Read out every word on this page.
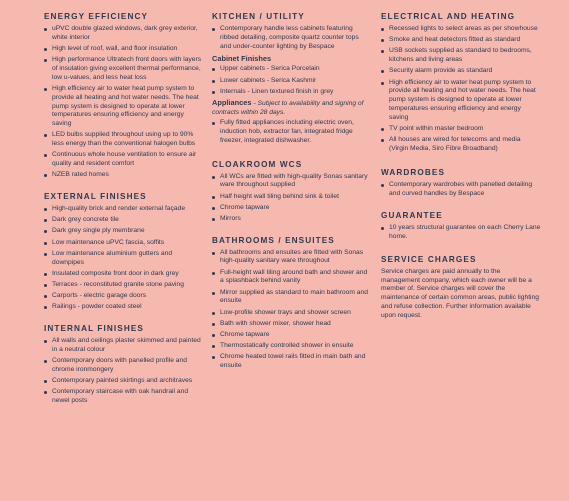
ENERGY EFFICIENCY
uPVC double glazed windows, dark grey exterior, white interior
High level of roof, wall, and floor insulation
High performance Ultratech front doors with layers of insulation giving excellent thermal performance, low u-values, and less heat loss
High efficiency air to water heat pump system to provide all heating and hot water needs. The heat pump system is designed to operate at lower temperatures ensuring efficiency and energy saving
LED bulbs supplied throughout using up to 90% less energy than the conventional halogen bulbs
Continuous whole house ventilation to ensure air quality and resident comfort
NZEB rated homes
EXTERNAL FINISHES
High-quality brick and render external façade
Dark grey concrete tile
Dark grey single ply membrane
Low maintenance uPVC fascia, soffits
Low maintenance aluminium gutters and downpipes
Insulated composite front door in dark grey
Terraces - reconstituted granite stone paving
Carports - electric garage doors
Railings - powder coated steel
INTERNAL FINISHES
All walls and ceilings plaster skimmed and painted in a neutral colour
Contemporary doors with panelled profile and chrome ironmongery
Contemporary painted skirtings and architraves
Contemporary staircase with oak handrail and newel posts
KITCHEN / UTILITY
Contemporary handle less cabinets featuring ribbed detailing, composite quartz counter tops and under-counter lighting by Bespace
Cabinet Finishes
Upper cabinets - Serica Porcelain
Lower cabinets - Serica Kashmir
Internals - Linen textured finish in grey
Appliances - Subject to availability and signing of contracts within 28 days.
Fully fitted appliances including electric oven, induction hob, extractor fan, integrated fridge freezer, integrated dishwasher.
CLOAKROOM WCS
All WCs are fitted with high-quality Sonas sanitary ware throughout supplied
Half height wall tiling behind sink & toilet
Chrome tapware
Mirrors
BATHROOMS / ENSUITES
All bathrooms and ensuites are fitted with Sonas high-quality sanitary ware throughout
Full-height wall tiling around bath and shower and a splashback behind vanity
Mirror supplied as standard to main bathroom and ensuite
Low-profile shower trays and shower screen
Bath with shower mixer, shower head
Chrome tapware
Thermostatically controlled shower in ensuite
Chrome heated towel rails fitted in main bath and ensuite
ELECTRICAL AND HEATING
Recessed lights to select areas as per showhouse
Smoke and heat detectors fitted as standard
USB sockets supplied as standard to bedrooms, kitchens and living areas
Security alarm provide as standard
High efficiency air to water heat pump system to provide all heating and hot water needs. The heat pump system is designed to operate at lower temperatures ensuring efficiency and energy saving
TV point within master bedroom
All houses are wired for telecoms and media (Virgin Media, Siro Fibre Broadband)
WARDROBES
Contemporary wardrobes with panelled detailing and curved handles by Bespace
GUARANTEE
10 years structural guarantee on each Cherry Lane home.
SERVICE CHARGES

Service charges are paid annually to the management company, which each owner will be a member of. Service charges will cover the maintenance of certain common areas, public lighting and refuse collection. Further information available upon request.
